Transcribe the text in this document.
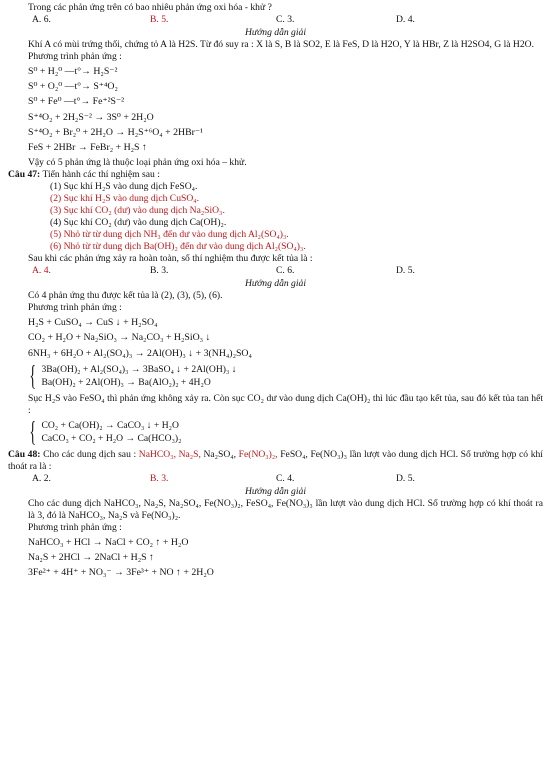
Trong các phản ứng trên có bao nhiêu phản ứng oxi hóa - khử ?

A. 6.	B. 5.	C. 3.	D. 4.

Hướng dẫn giải

Khí A có mùi trứng thối, chứng tỏ A là H2S. Từ đó suy ra : X là S, B là SO2, E là FeS, D là H2O, Y là HBr, Z là H2SO4, G là H2O.

Phương trình phản ứng :

S⁰ + H₂⁰ —t°→ H₂S⁻²
S⁰ + O₂⁰ —t°→ S⁺⁴O₂
S⁰ + Fe⁰ —t°→ Fe⁺²S⁻²
S⁺⁴O₂ + 2H₂S⁻² → 3S⁰ + 2H₂O
S⁺⁴O₂ + Br₂⁰ + 2H₂O → H₂S⁺⁶O₄ + 2HBr⁻¹
FeS + 2HBr → FeBr₂ + H₂S ↑

Vậy có 5 phản ứng là thuộc loại phản ứng oxi hóa – khử.

Câu 47: Tiến hành các thí nghiệm sau :

(1) Sục khí H₂S vào dung dịch FeSO₄.

(2) Sục khí H₂S vào dung dịch CuSO₄.

(3) Sục khí CO₂ (dư) vào dung dịch Na₂SiO₃.

(4) Sục khí CO₂ (dư) vào dung dịch Ca(OH)₂.

(5) Nhỏ từ từ dung dịch NH₃ đến dư vào dung dịch Al₂(SO₄)₃.

(6) Nhỏ từ từ dung dịch Ba(OH)₂ đến dư vào dung dịch Al₂(SO₄)₃.

Sau khi các phản ứng xảy ra hoàn toàn, số thí nghiệm thu được kết tủa là :

A. 4.	B. 3.	C. 6.	D. 5.

Hướng dẫn giải

Có 4 phản ứng thu được kết tủa là (2), (3), (5), (6).

Phương trình phản ứng :

H₂S + CuSO₄ → CuS ↓ + H₂SO₄
CO₂ + H₂O + Na₂SiO₃ → Na₂CO₃ + H₂SiO₃ ↓
6NH₃ + 6H₂O + Al₂(SO₄)₃ → 2Al(OH)₃ ↓ + 3(NH₄)₂SO₄
{ 3Ba(OH)₂ + Al₂(SO₄)₃ → 3BaSO₄ ↓ + 2Al(OH)₃ ↓
Ba(OH)₂ + 2Al(OH)₃ → Ba(AlO₂)₂ + 4H₂O

Sục H₂S vào FeSO₄ thì phản ứng không xảy ra. Còn sục CO₂ dư vào dung dịch Ca(OH)₂ thì lúc đầu tạo kết tủa, sau đó kết tủa tan hết :

{ CO₂ + Ca(OH)₂ → CaCO₃ ↓ + H₂O
CaCO₃ + CO₂ + H₂O → Ca(HCO₃)₂

Câu 48: Cho các dung dịch sau : NaHCO₃, Na₂S, Na₂SO₄, Fe(NO₃)₂, FeSO₄, Fe(NO₃)₃ lần lượt vào dung dịch HCl. Số trường hợp có khí thoát ra là :

A. 2.	B. 3.	C. 4.	D. 5.

Hướng dẫn giải

Cho các dung dịch NaHCO₃, Na₂S, Na₂SO₄, Fe(NO₃)₂, FeSO₄, Fe(NO₃)₃ lần lượt vào dung dịch HCl. Số trường hợp có khí thoát ra là 3, đó là NaHCO₃, Na₂S và Fe(NO₃)₂.

Phương trình phản ứng :

NaHCO₃ + HCl → NaCl + CO₂ ↑ + H₂O
Na₂S + 2HCl → 2NaCl + H₂S ↑
3Fe²⁺ + 4H⁺ + NO₃⁻ → 3Fe³⁺ + NO ↑ + 2H₂O
